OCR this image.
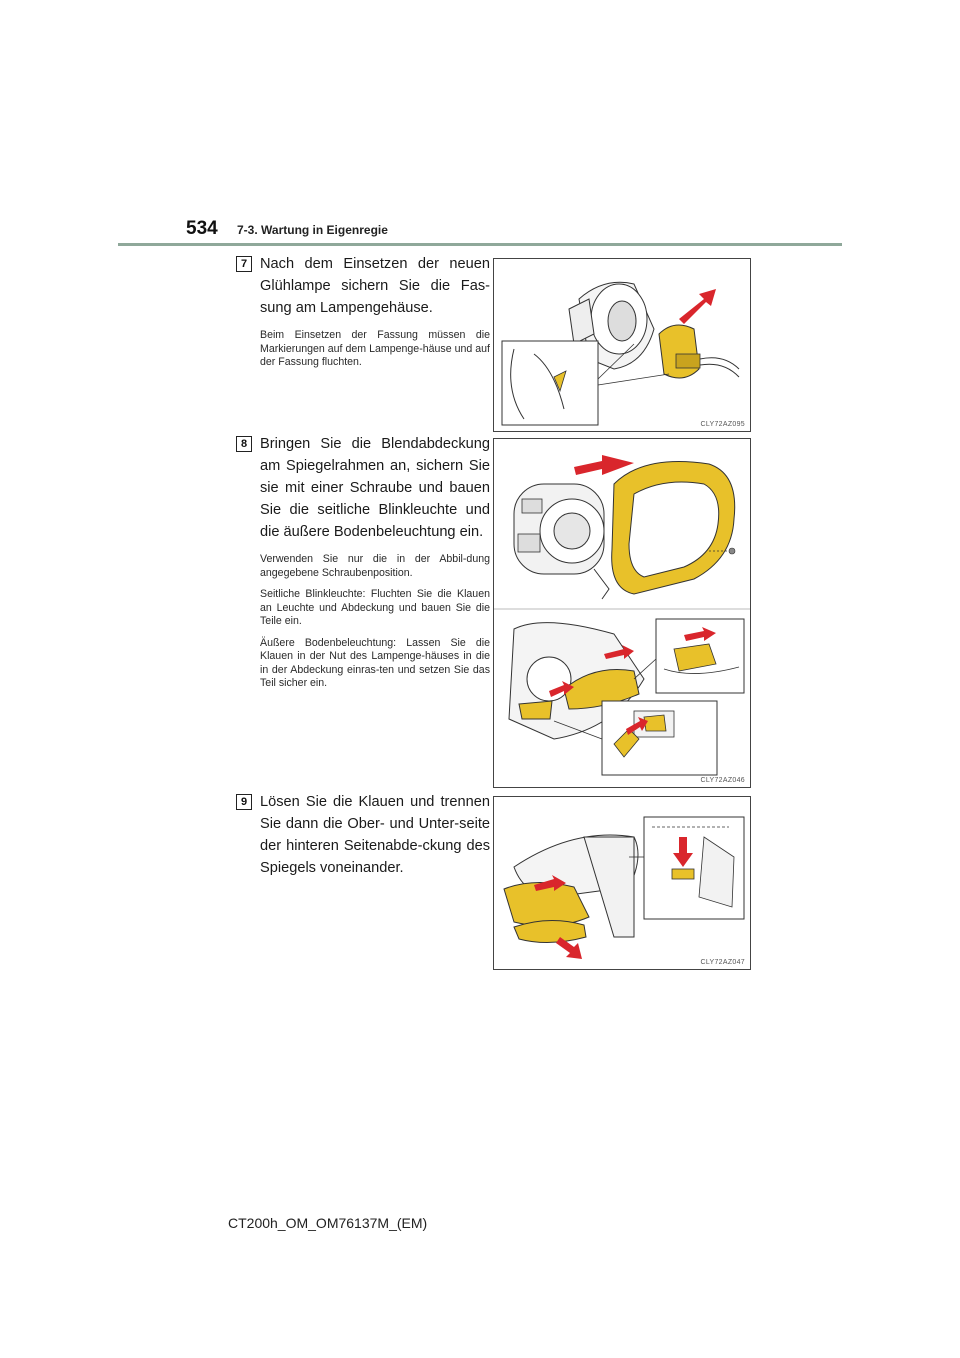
534 7-3. Wartung in Eigenregie
7 Nach dem Einsetzen der neuen Glühlampe sichern Sie die Fas-sung am Lampengehäuse.
Beim Einsetzen der Fassung müssen die Markierungen auf dem Lampenge-häuse und auf der Fassung fluchten.
CLY72AZ095
8 Bringen Sie die Blendabdeckung am Spiegelrahmen an, sichern Sie sie mit einer Schraube und bauen Sie die seitliche Blinkleuchte und die äußere Bodenbeleuchtung ein.
Verwenden Sie nur die in der Abbil-dung angegebene Schraubenposition.
Seitliche Blinkleuchte: Fluchten Sie die Klauen an Leuchte und Abdeckung und bauen Sie die Teile ein.
Äußere Bodenbeleuchtung: Lassen Sie die Klauen in der Nut des Lampenge-häuses in die in der Abdeckung einras-ten und setzen Sie das Teil sicher ein.
CLY72AZ046
9 Lösen Sie die Klauen und trennen Sie dann die Ober- und Unter-seite der hinteren Seitenabde-ckung des Spiegels voneinander.
CLY72AZ047
CT200h_OM_OM76137M_(EM)
